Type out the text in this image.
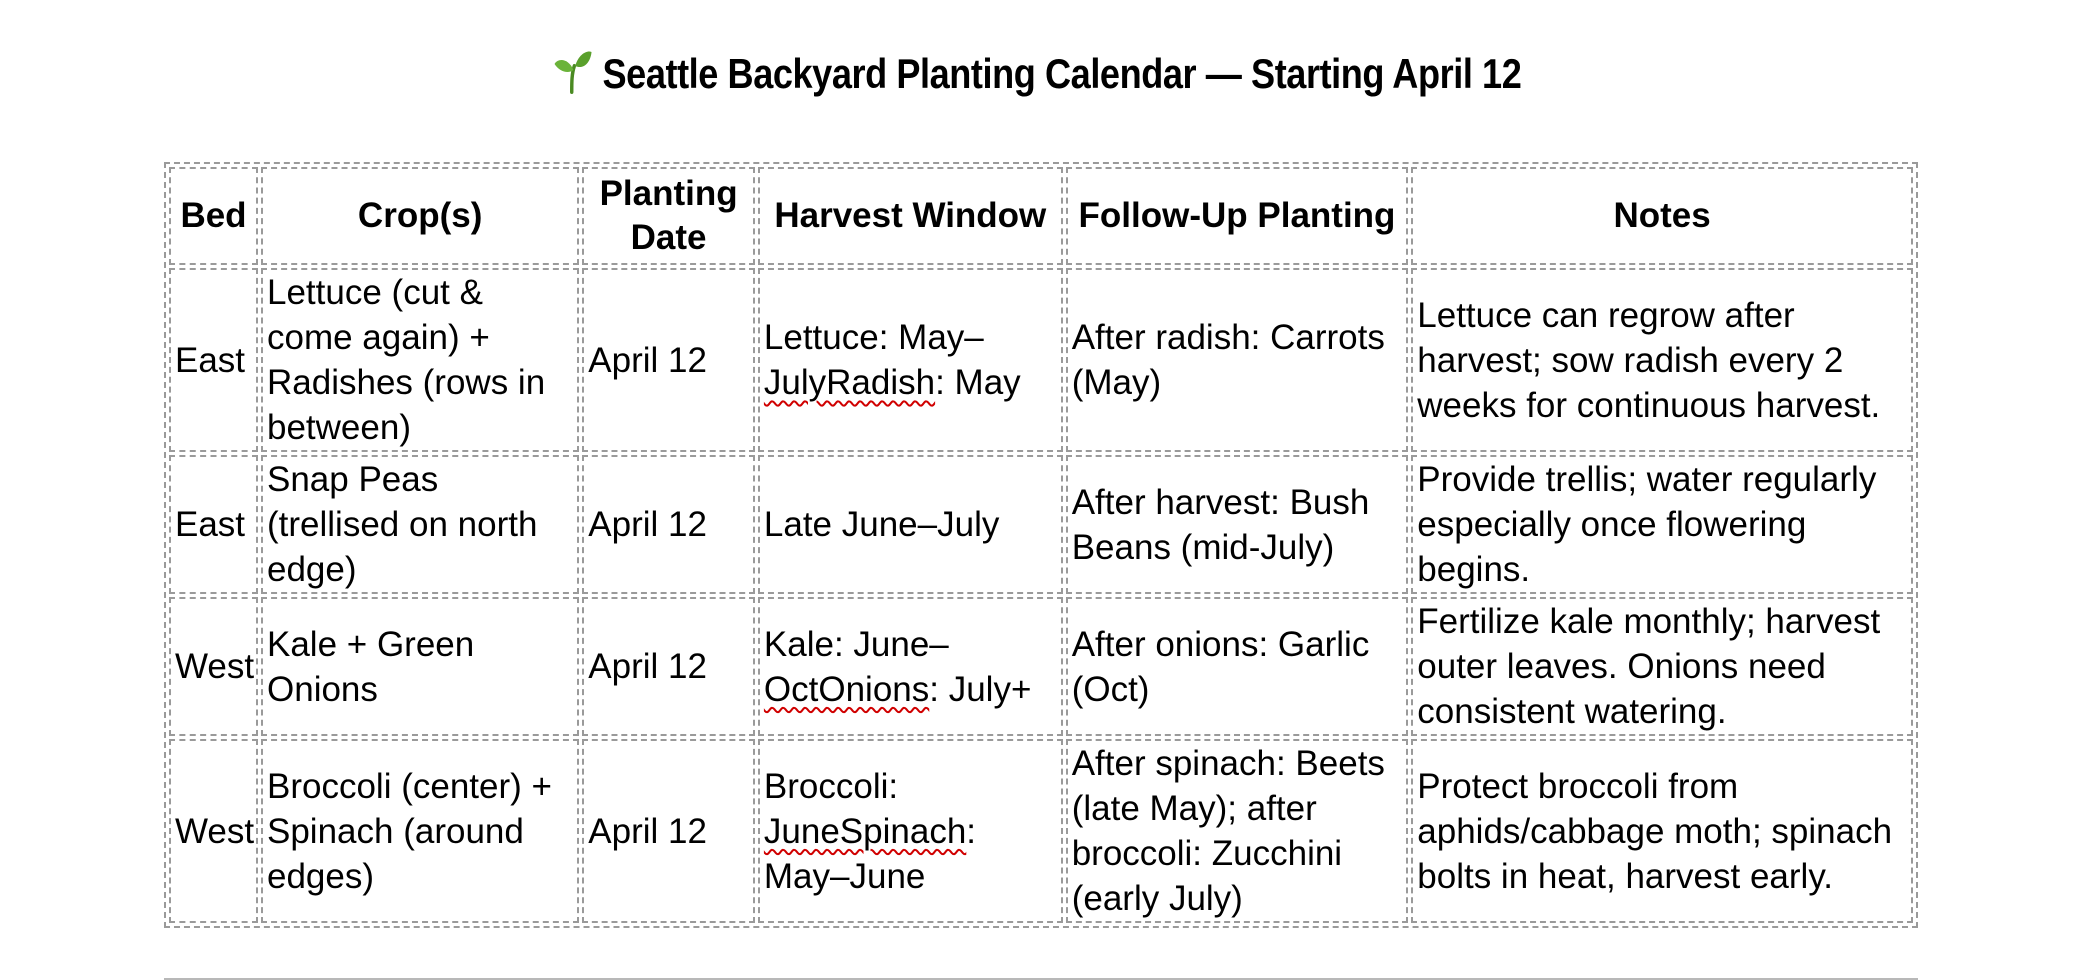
Seattle Backyard Planting Calendar — Starting April 12
Bed	Crop(s)	Planting Date	Harvest Window	Follow-Up Planting	Notes
East	Lettuce (cut & come again) + Radishes (rows in between)	April 12	Lettuce: May–JulyRadish: May	After radish: Carrots (May)	Lettuce can regrow after harvest; sow radish every 2 weeks for continuous harvest.
East	Snap Peas (trellised on north edge)	April 12	Late June–July	After harvest: Bush Beans (mid-July)	Provide trellis; water regularly especially once flowering begins.
West	Kale + Green Onions	April 12	Kale: June–OctOnions: July+	After onions: Garlic (Oct)	Fertilize kale monthly; harvest outer leaves. Onions need consistent watering.
West	Broccoli (center) + Spinach (around edges)	April 12	Broccoli: JuneSpinach: May–June	After spinach: Beets (late May); after broccoli: Zucchini (early July)	Protect broccoli from aphids/cabbage moth; spinach bolts in heat, harvest early.
